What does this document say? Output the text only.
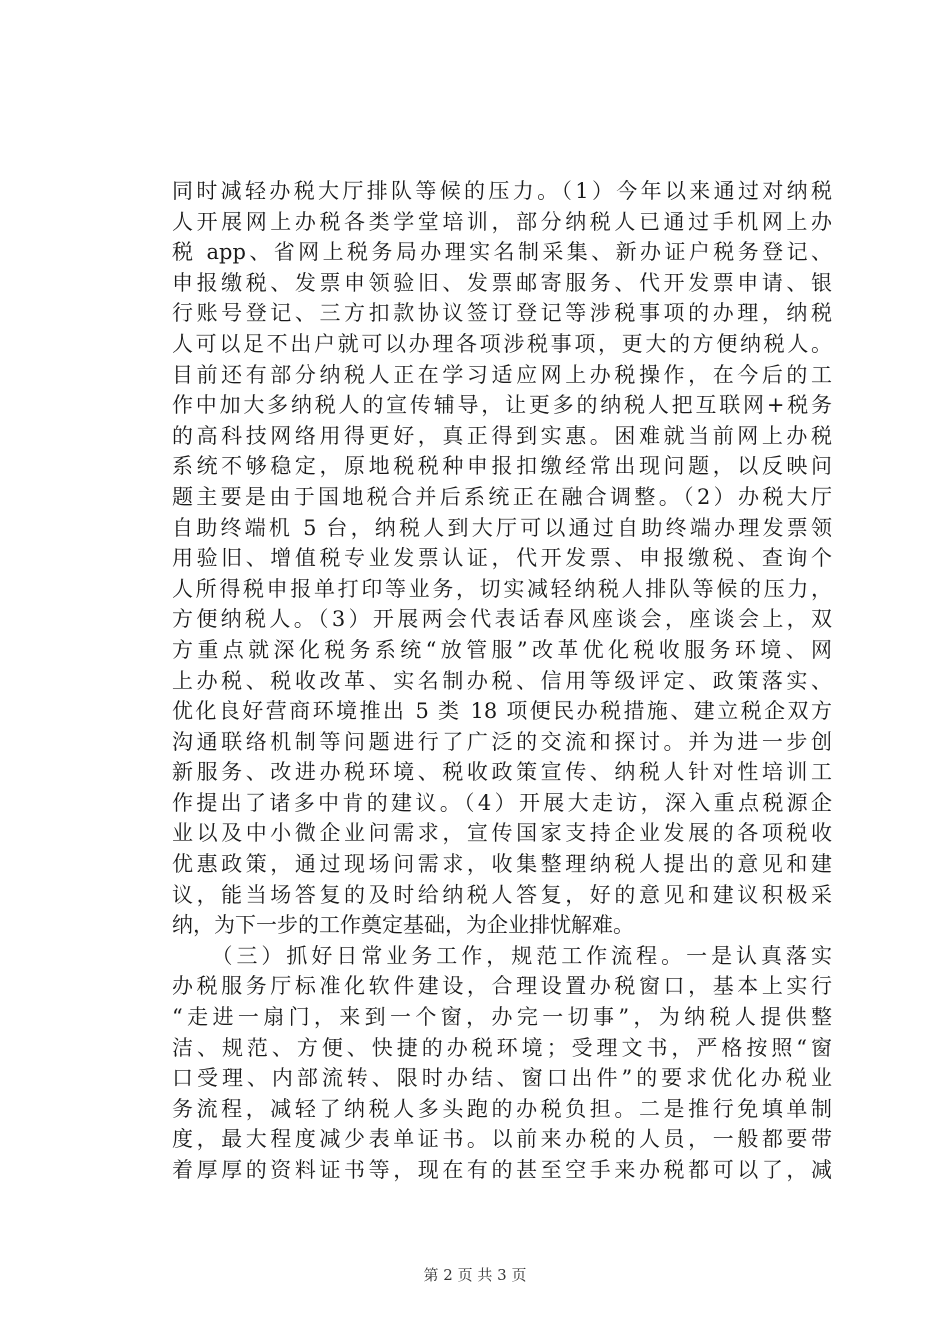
同时减轻办税大厅排队等候的压力。（1）今年以来通过对纳税
人开展网上办税各类学堂培训，部分纳税人已通过手机网上办
税 app、省网上税务局办理实名制采集、新办证户税务登记、
申报缴税、发票申领验旧、发票邮寄服务、代开发票申请、银
行账号登记、三方扣款协议签订登记等涉税事项的办理，纳税
人可以足不出户就可以办理各项涉税事项，更大的方便纳税人。
目前还有部分纳税人正在学习适应网上办税操作，在今后的工
作中加大多纳税人的宣传辅导，让更多的纳税人把互联网+税务
的高科技网络用得更好，真正得到实惠。困难就当前网上办税
系统不够稳定，原地税税种申报扣缴经常出现问题，以反映问
题主要是由于国地税合并后系统正在融合调整。（2）办税大厅
自助终端机 5 台，纳税人到大厅可以通过自助终端办理发票领
用验旧、增值税专业发票认证，代开发票、申报缴税、查询个
人所得税申报单打印等业务，切实减轻纳税人排队等候的压力，
方便纳税人。（3）开展两会代表话春风座谈会，座谈会上，双
方重点就深化税务系统“放管服”改革优化税收服务环境、网
上办税、税收改革、实名制办税、信用等级评定、政策落实、
优化良好营商环境推出 5 类 18 项便民办税措施、建立税企双方
沟通联络机制等问题进行了广泛的交流和探讨。并为进一步创
新服务、改进办税环境、税收政策宣传、纳税人针对性培训工
作提出了诸多中肯的建议。（4）开展大走访，深入重点税源企
业以及中小微企业问需求，宣传国家支持企业发展的各项税收
优惠政策，通过现场问需求，收集整理纳税人提出的意见和建
议，能当场答复的及时给纳税人答复，好的意见和建议积极采
纳，为下一步的工作奠定基础，为企业排忧解难。
　　（三）抓好日常业务工作，规范工作流程。一是认真落实
办税服务厅标准化软件建设，合理设置办税窗口，基本上实行
“走进一扇门，来到一个窗，办完一切事”，为纳税人提供整
洁、规范、方便、快捷的办税环境；受理文书，严格按照“窗
口受理、内部流转、限时办结、窗口出件”的要求优化办税业
务流程，减轻了纳税人多头跑的办税负担。二是推行免填单制
度，最大程度减少表单证书。以前来办税的人员，一般都要带
着厚厚的资料证书等，现在有的甚至空手来办税都可以了，减
第 2 页 共 3 页
